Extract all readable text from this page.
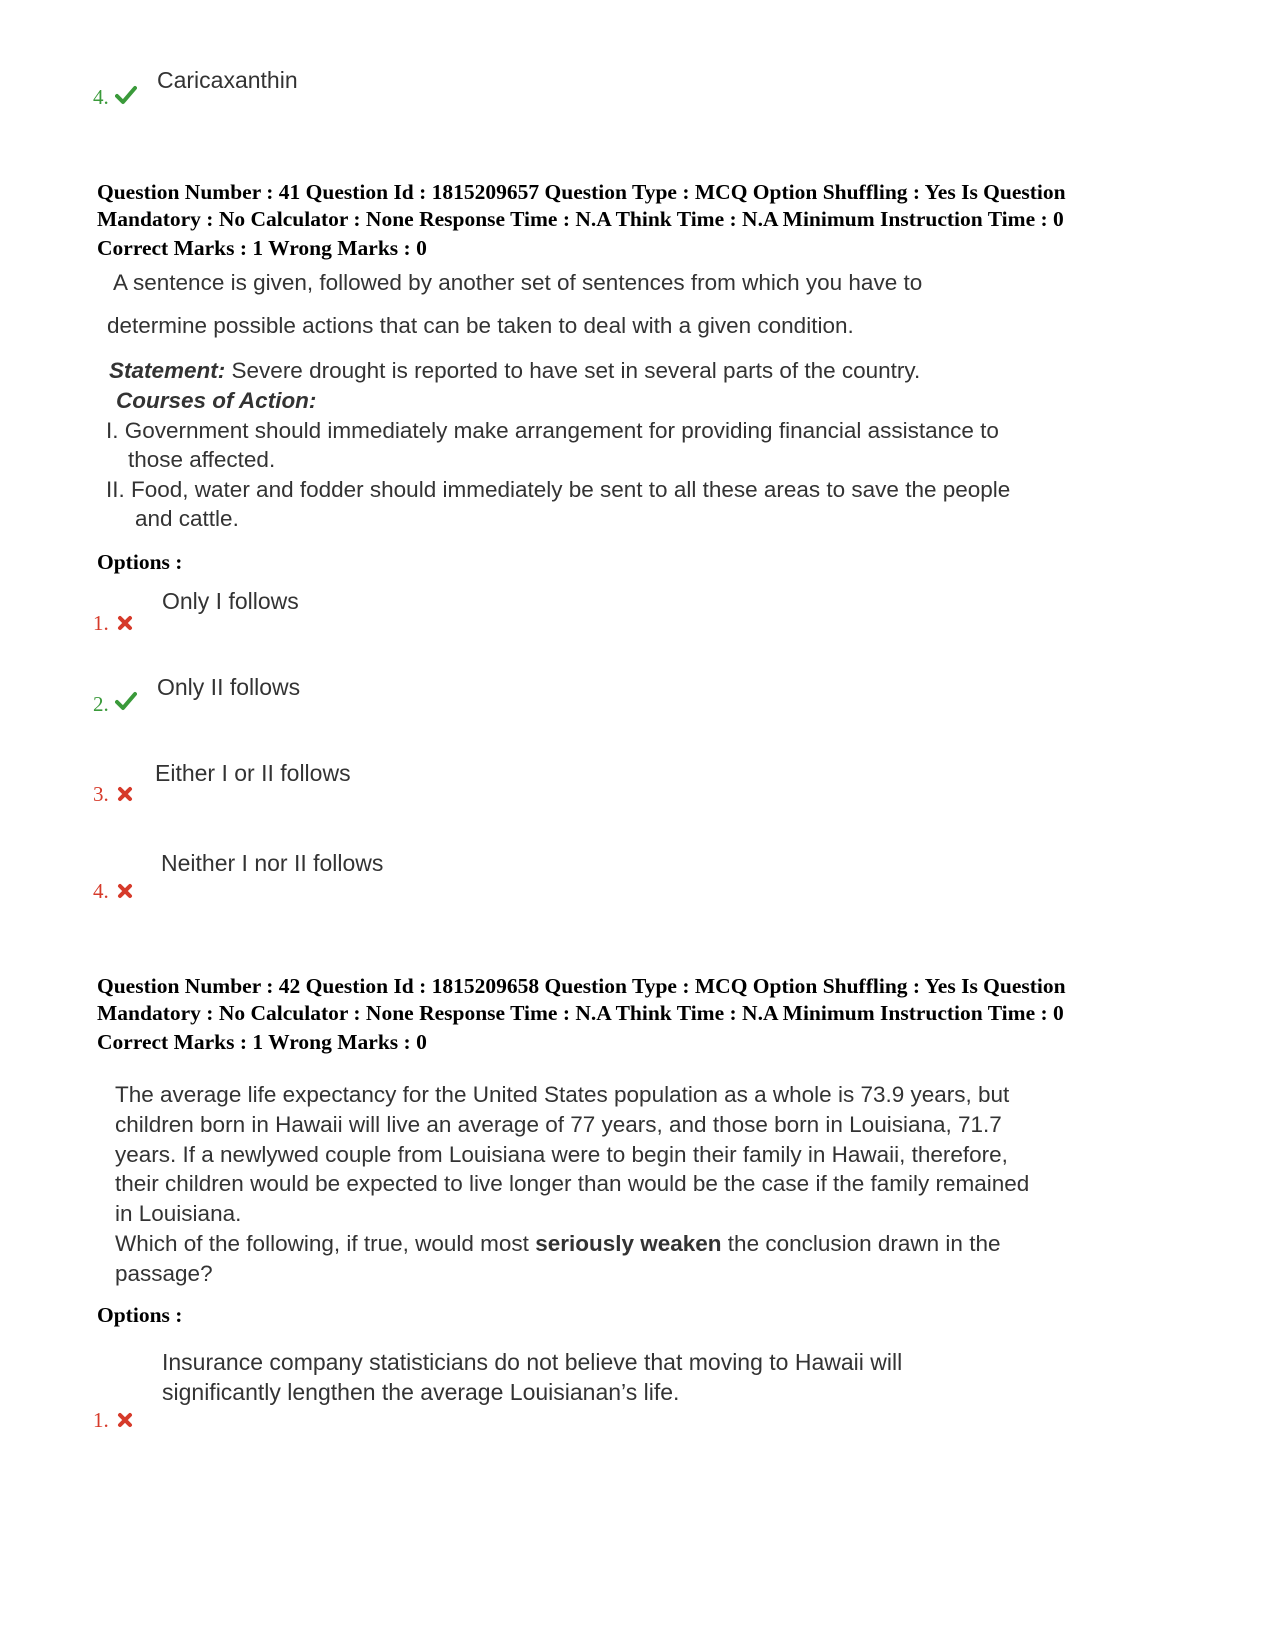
4.
Caricaxanthin
Question Number : 41 Question Id : 1815209657 Question Type : MCQ Option Shuffling : Yes Is Question
Mandatory : No Calculator : None Response Time : N.A Think Time : N.A Minimum Instruction Time : 0
Correct Marks : 1 Wrong Marks : 0
A sentence is given, followed by another set of sentences from which you have to
determine possible actions that can be taken to deal with a given condition.
Statement: Severe drought is reported to have set in several parts of the country.
Courses of Action:
I. Government should immediately make arrangement for providing financial assistance to
those affected.
II. Food, water and fodder should immediately be sent to all these areas to save the people
and cattle.
Options :
1.
Only I follows
2.
Only II follows
3.
Either I or II follows
4.
Neither I nor II follows
Question Number : 42 Question Id : 1815209658 Question Type : MCQ Option Shuffling : Yes Is Question
Mandatory : No Calculator : None Response Time : N.A Think Time : N.A Minimum Instruction Time : 0
Correct Marks : 1 Wrong Marks : 0
The average life expectancy for the United States population as a whole is 73.9 years, but
children born in Hawaii will live an average of 77 years, and those born in Louisiana, 71.7
years. If a newlywed couple from Louisiana were to begin their family in Hawaii, therefore,
their children would be expected to live longer than would be the case if the family remained
in Louisiana.
Which of the following, if true, would most seriously weaken the conclusion drawn in the
passage?
Options :
Insurance company statisticians do not believe that moving to Hawaii will
significantly lengthen the average Louisianan’s life.
1.
